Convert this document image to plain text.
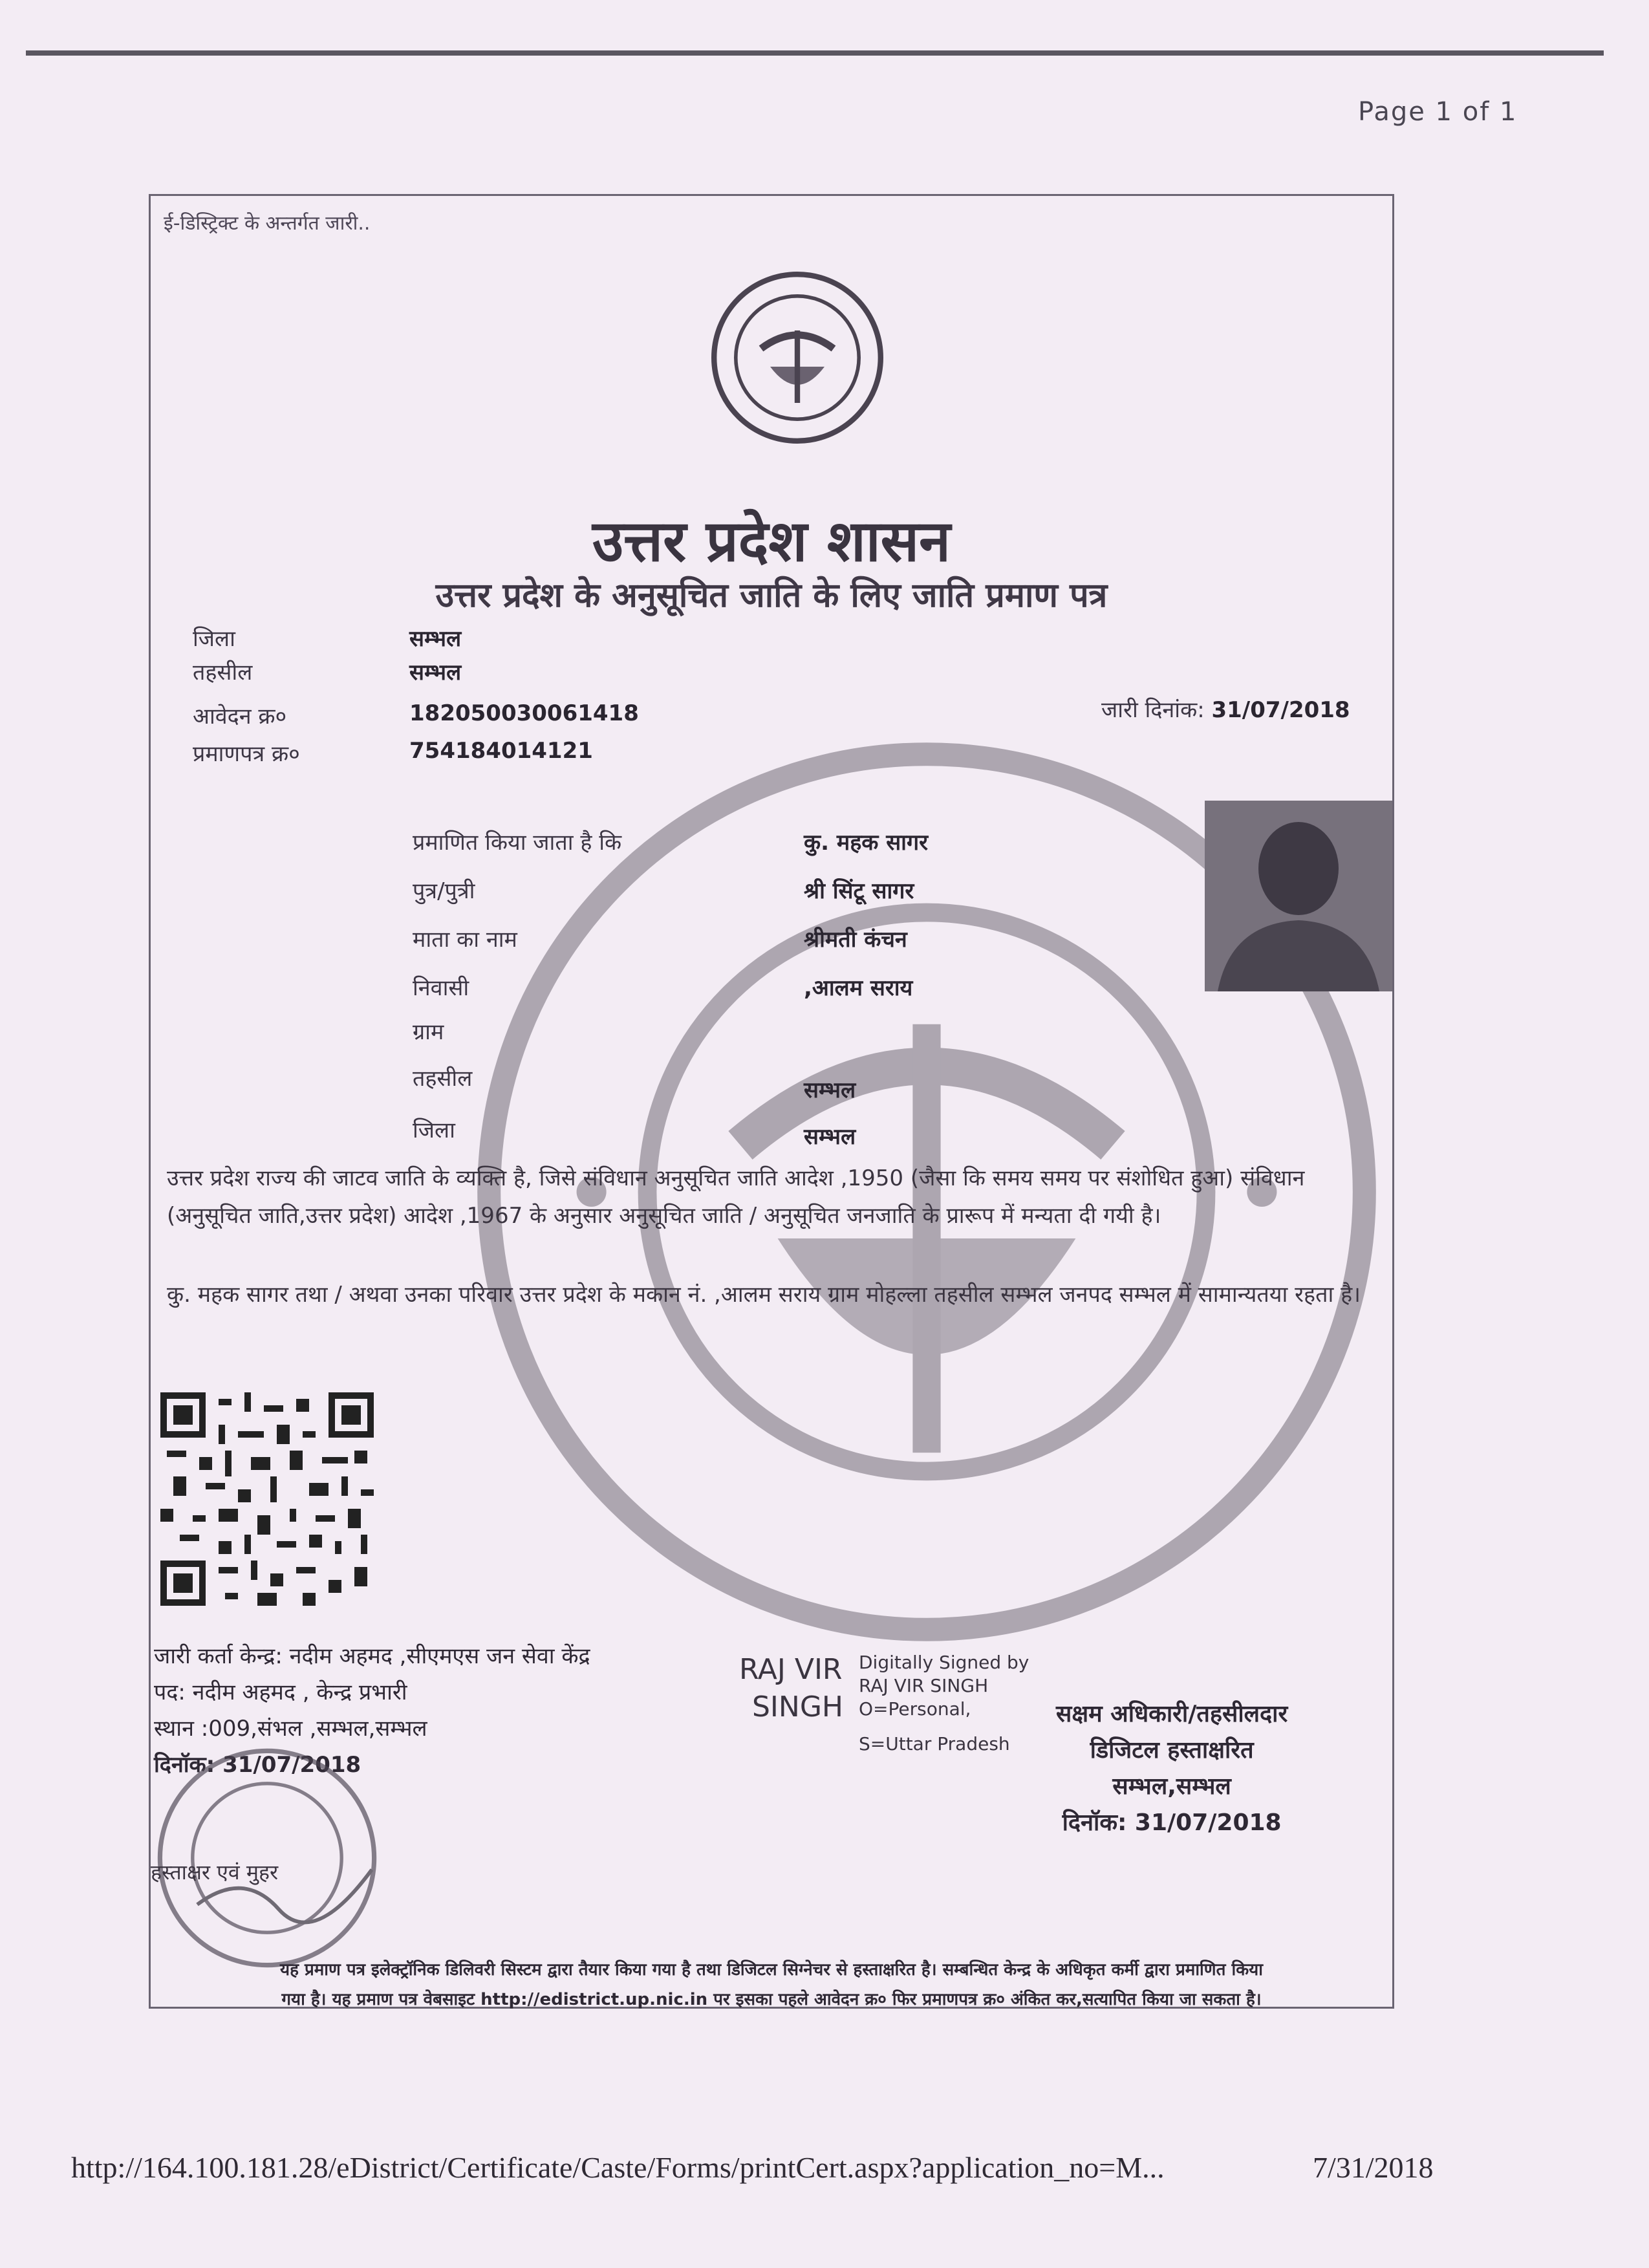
Page 1 of 1
ई-डिस्ट्रिक्ट के अन्तर्गत जारी..
उत्तर प्रदेश शासन
उत्तर प्रदेश के अनुसूचित जाति के लिए जाति प्रमाण पत्र
जिला	सम्भल
तहसील	सम्भल
आवेदन क्र०	182050030061418
प्रमाणपत्र क्र०	754184014121
जारी दिनांक: 31/07/2018
प्रमाणित किया जाता है कि	कु. महक सागर
पुत्र/पुत्री	श्री सिंटू सागर
माता का नाम	श्रीमती कंचन
निवासी	,आलम सराय
ग्राम
तहसील	सम्भल
जिला	सम्भल
उत्तर प्रदेश राज्य की जाटव जाति के व्यक्ति है, जिसे संविधान अनुसूचित जाति आदेश ,1950 (जैसा कि समय समय पर संशोधित हुआ) संविधान (अनुसूचित जाति,उत्तर प्रदेश) आदेश ,1967 के अनुसार अनुसूचित जाति / अनुसूचित जनजाति के प्रारूप में मन्यता दी गयी है।
कु. महक सागर तथा / अथवा उनका परिवार उत्तर प्रदेश के मकान नं. ,आलम सराय ग्राम मोहल्ला तहसील सम्भल जनपद सम्भल में सामान्यतया रहता है।
जारी कर्ता केन्द्र: नदीम अहमद ,सीएमएस जन सेवा केंद्र
पद: नदीम अहमद , केन्द्र प्रभारी
स्थान :009,संभल ,सम्भल,सम्भल
दिनॉक: 31/07/2018
RAJ VIR
SINGH
Digitally Signed by
RAJ VIR SINGH
O=Personal,
S=Uttar Pradesh
सक्षम अधिकारी/तहसीलदार
डिजिटल हस्ताक्षरित
सम्भल,सम्भल
दिनॉक: 31/07/2018
हस्ताक्षर एवं मुहर
यह प्रमाण पत्र इलेक्ट्रॉनिक डिलिवरी सिस्टम द्वारा तैयार किया गया है तथा डिजिटल सिग्नेचर से हस्ताक्षरित है। सम्बन्धित केन्द्र के अधिकृत कर्मी द्वारा प्रमाणित किया
गया है। यह प्रमाण पत्र वेबसाइट http://edistrict.up.nic.in पर इसका पहले आवेदन क्र० फिर प्रमाणपत्र क्र० अंकित कर,सत्यापित किया जा सकता है।
http://164.100.181.28/eDistrict/Certificate/Caste/Forms/printCert.aspx?application_no=M...	7/31/2018
